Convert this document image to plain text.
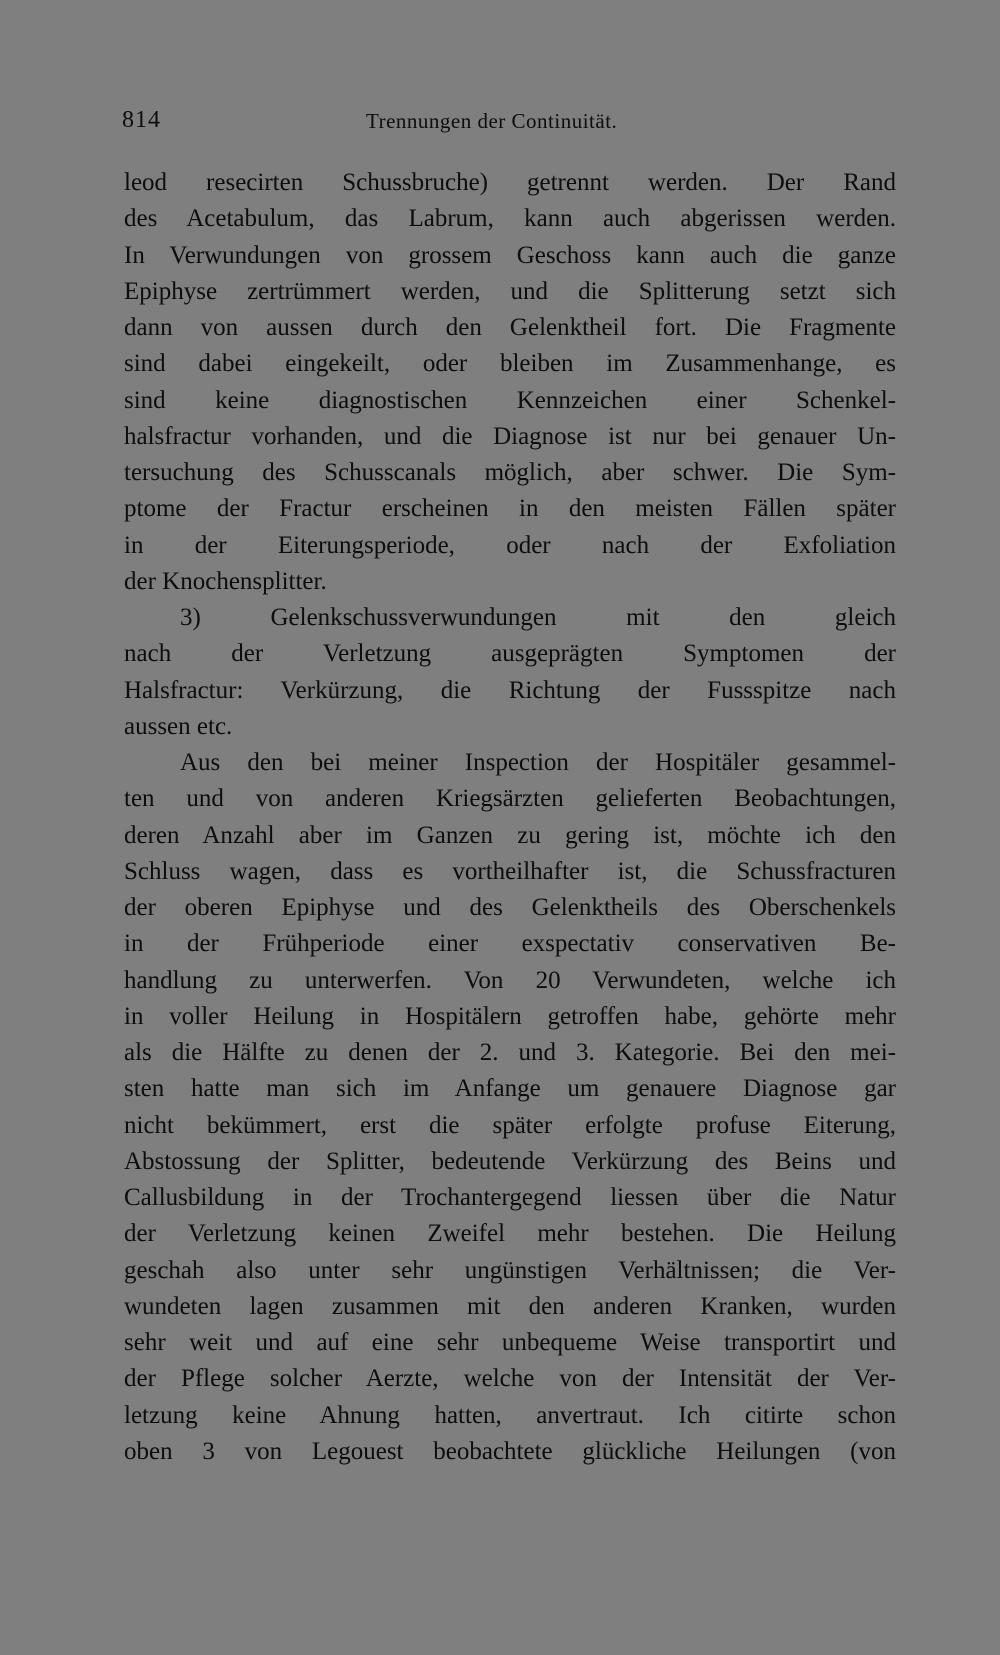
814	Trennungen der Continuität.
leod resecirten Schussbruche) getrennt werden. Der Rand
des Acetabulum, das Labrum, kann auch abgerissen werden.
In Verwundungen von grossem Geschoss kann auch die ganze
Epiphyse zertrümmert werden, und die Splitterung setzt sich
dann von aussen durch den Gelenktheil fort. Die Fragmente
sind dabei eingekeilt, oder bleiben im Zusammenhange, es
sind keine diagnostischen Kennzeichen einer Schenkel-
halsfractur vorhanden, und die Diagnose ist nur bei genauer Un-
tersuchung des Schusscanals möglich, aber schwer. Die Sym-
ptome der Fractur erscheinen in den meisten Fällen später
in der Eiterungsperiode, oder nach der Exfoliation
der Knochensplitter.
3) Gelenkschussverwundungen mit den gleich
nach der Verletzung ausgeprägten Symptomen der
Halsfractur: Verkürzung, die Richtung der Fussspitze nach
aussen etc.
Aus den bei meiner Inspection der Hospitäler gesammel-
ten und von anderen Kriegsärzten gelieferten Beobachtungen,
deren Anzahl aber im Ganzen zu gering ist, möchte ich den
Schluss wagen, dass es vortheilhafter ist, die Schussfracturen
der oberen Epiphyse und des Gelenktheils des Oberschenkels
in der Frühperiode einer exspectativ conservativen Be-
handlung zu unterwerfen. Von 20 Verwundeten, welche ich
in voller Heilung in Hospitälern getroffen habe, gehörte mehr
als die Hälfte zu denen der 2. und 3. Kategorie. Bei den mei-
sten hatte man sich im Anfange um genauere Diagnose gar
nicht bekümmert, erst die später erfolgte profuse Eiterung,
Abstossung der Splitter, bedeutende Verkürzung des Beins und
Callusbildung in der Trochantergegend liessen über die Natur
der Verletzung keinen Zweifel mehr bestehen. Die Heilung
geschah also unter sehr ungünstigen Verhältnissen; die Ver-
wundeten lagen zusammen mit den anderen Kranken, wurden
sehr weit und auf eine sehr unbequeme Weise transportirt und
der Pflege solcher Aerzte, welche von der Intensität der Ver-
letzung keine Ahnung hatten, anvertraut. Ich citirte schon
oben 3 von Legouest beobachtete glückliche Heilungen (von
